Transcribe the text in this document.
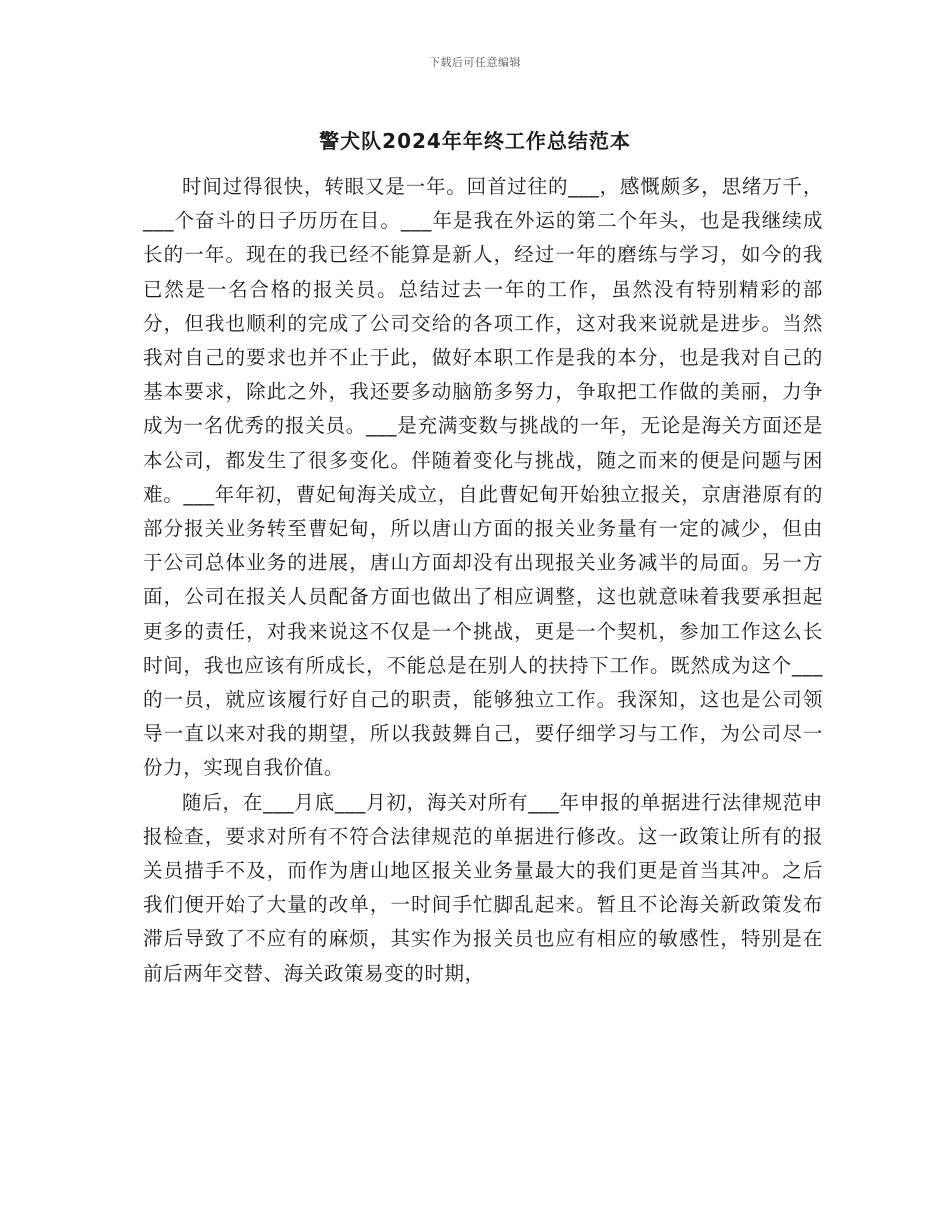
下载后可任意编辑
警犬队2024年年终工作总结范本

时间过得很快，转眼又是一年。回首过往的___，感慨颇多，思绪万千，___个奋斗的日子历历在目。___年是我在外运的第二个年头，也是我继续成长的一年。现在的我已经不能算是新人，经过一年的磨练与学习，如今的我已然是一名合格的报关员。总结过去一年的工作，虽然没有特别精彩的部分，但我也顺利的完成了公司交给的各项工作，这对我来说就是进步。当然我对自己的要求也并不止于此，做好本职工作是我的本分，也是我对自己的基本要求，除此之外，我还要多动脑筋多努力，争取把工作做的美丽，力争成为一名优秀的报关员。___是充满变数与挑战的一年，无论是海关方面还是本公司，都发生了很多变化。伴随着变化与挑战，随之而来的便是问题与困难。___年年初，曹妃甸海关成立，自此曹妃甸开始独立报关，京唐港原有的部分报关业务转至曹妃甸，所以唐山方面的报关业务量有一定的减少，但由于公司总体业务的进展，唐山方面却没有出现报关业务减半的局面。另一方面，公司在报关人员配备方面也做出了相应调整，这也就意味着我要承担起更多的责任，对我来说这不仅是一个挑战，更是一个契机，参加工作这么长时间，我也应该有所成长，不能总是在别人的扶持下工作。既然成为这个___的一员，就应该履行好自己的职责，能够独立工作。我深知，这也是公司领导一直以来对我的期望，所以我鼓舞自己，要仔细学习与工作，为公司尽一份力，实现自我价值。

随后，在___月底___月初，海关对所有___年申报的单据进行法律规范申报检查，要求对所有不符合法律规范的单据进行修改。这一政策让所有的报关员措手不及，而作为唐山地区报关业务量最大的我们更是首当其冲。之后我们便开始了大量的改单，一时间手忙脚乱起来。暂且不论海关新政策发布滞后导致了不应有的麻烦，其实作为报关员也应有相应的敏感性，特别是在前后两年交替、海关政策易变的时期，
